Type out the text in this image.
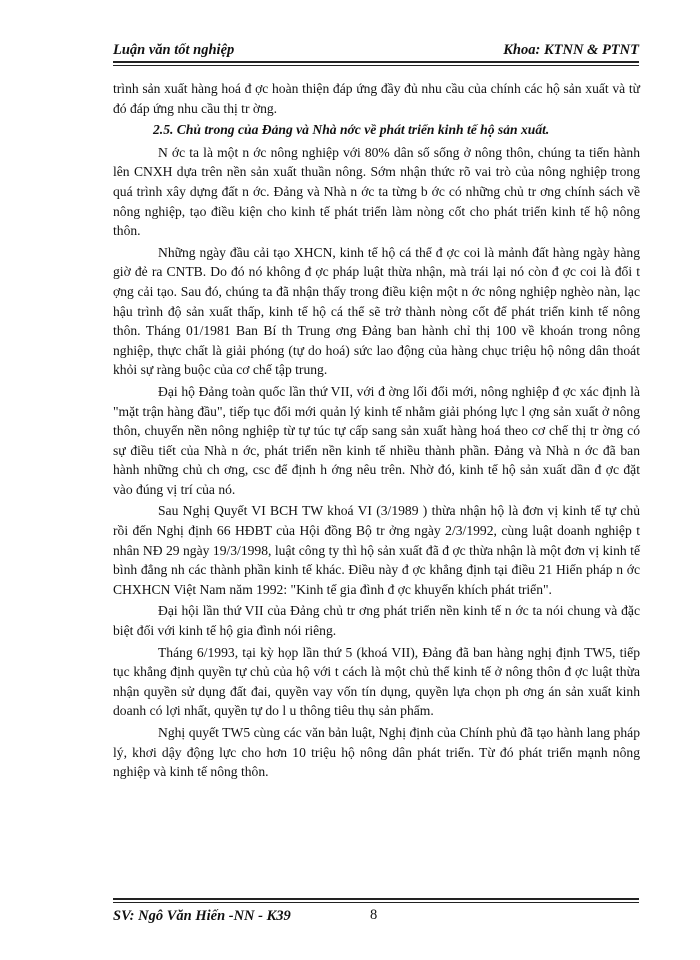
Luận văn tốt nghiệp	Khoa: KTNN & PTNT

trình sản xuất hàng hoá đ ợc hoàn thiện đáp ứng đầy đủ nhu cầu của chính các hộ sản xuất và từ đó đáp ứng nhu cầu thị tr ờng.

2.5. Chủ trong của Đảng và Nhà nớc về phát triển kinh tế hộ sản xuất.

N ớc ta là một n ớc nông nghiệp với 80% dân số sống ở nông thôn, chúng ta tiến hành lên CNXH dựa trên nền sản xuất thuần nông. Sớm nhận thức rõ vai trò của nông nghiệp trong quá trình xây dựng đất n ớc. Đảng và Nhà n ớc ta từng b ớc có những chủ tr ơng chính sách về nông nghiệp, tạo điều kiện cho kinh tế phát triển làm nòng cốt cho phát triển kinh tế hộ nông thôn.

Những ngày đầu cải tạo XHCN, kinh tế hộ cá thể đ ợc coi là mảnh đất hàng ngày hàng giờ đẻ ra CNTB. Do đó nó không đ ợc pháp luật thừa nhận, mà trái lại nó còn đ ợc coi là đối t ợng cải tạo. Sau đó, chúng ta đã nhận thấy trong điều kiện một n ớc nông nghiệp nghèo nàn, lạc hậu trình độ sản xuất thấp, kinh tế hộ cá thể sẽ trở thành nòng cốt để phát triển kinh tế nông thôn. Tháng 01/1981 Ban Bí th Trung ơng Đảng ban hành chỉ thị 100 về khoán trong nông nghiệp, thực chất là giải phóng (tự do hoá) sức lao động của hàng chục triệu hộ nông dân thoát khỏi sự ràng buộc của cơ chế tập trung.

Đại hộ Đảng toàn quốc lần thứ VII, với đ ờng lối đổi mới, nông nghiệp đ ợc xác định là "mặt trận hàng đầu", tiếp tục đổi mới quản lý kinh tế nhằm giải phóng lực l ợng sản xuất ở nông thôn, chuyển nền nông nghiệp từ tự túc tự cấp sang sản xuất hàng hoá theo cơ chế thị tr ờng có sự điều tiết của Nhà n ớc, phát triển nền kinh tế nhiều thành phần. Đảng và Nhà n ớc đã ban hành những chủ ch ơng, csc để định h ớng nêu trên. Nhờ đó, kinh tế hộ sản xuất dần đ ợc đặt vào đúng vị trí của nó.

Sau Nghị Quyết VI BCH TW khoá VI (3/1989 ) thừa nhận hộ là đơn vị kinh tế tự chủ rồi đến Nghị định 66 HĐBT của Hội đồng Bộ tr ởng ngày 2/3/1992, cùng luật doanh nghiệp t nhân NĐ 29 ngày 19/3/1998, luật công ty thì hộ sản xuất đã đ ợc thừa nhận là một đơn vị kinh tế bình đẳng nh các thành phần kinh tế khác. Điều này đ ợc khẳng định tại điều 21 Hiến pháp n ớc CHXHCN Việt Nam năm 1992: "Kinh tế gia đình đ ợc khuyến khích phát triển".

Đại hội lần thứ VII của Đảng chủ tr ơng phát triển nền kinh tế n ớc ta nói chung và đặc biệt đối với kinh tế hộ gia đình nói riêng.

Tháng 6/1993, tại kỳ họp lần thứ 5 (khoá VII), Đảng đã ban hàng nghị định TW5, tiếp tục khẳng định quyền tự chủ của hộ với t cách là một chủ thể kinh tế ở nông thôn đ ợc luật thừa nhận quyền sử dụng đất đai, quyền vay vốn tín dụng, quyền lựa chọn ph ơng án sản xuất kinh doanh có lợi nhất, quyền tự do l u thông tiêu thụ sản phẩm.

Nghị quyết TW5 cùng các văn bản luật, Nghị định của Chính phủ đã tạo hành lang pháp lý, khơi dậy động lực cho hơn 10 triệu hộ nông dân phát triển. Từ đó phát triển mạnh nông nghiệp và kinh tế nông thôn.

SV: Ngô Văn Hiến -NN - K39	8
